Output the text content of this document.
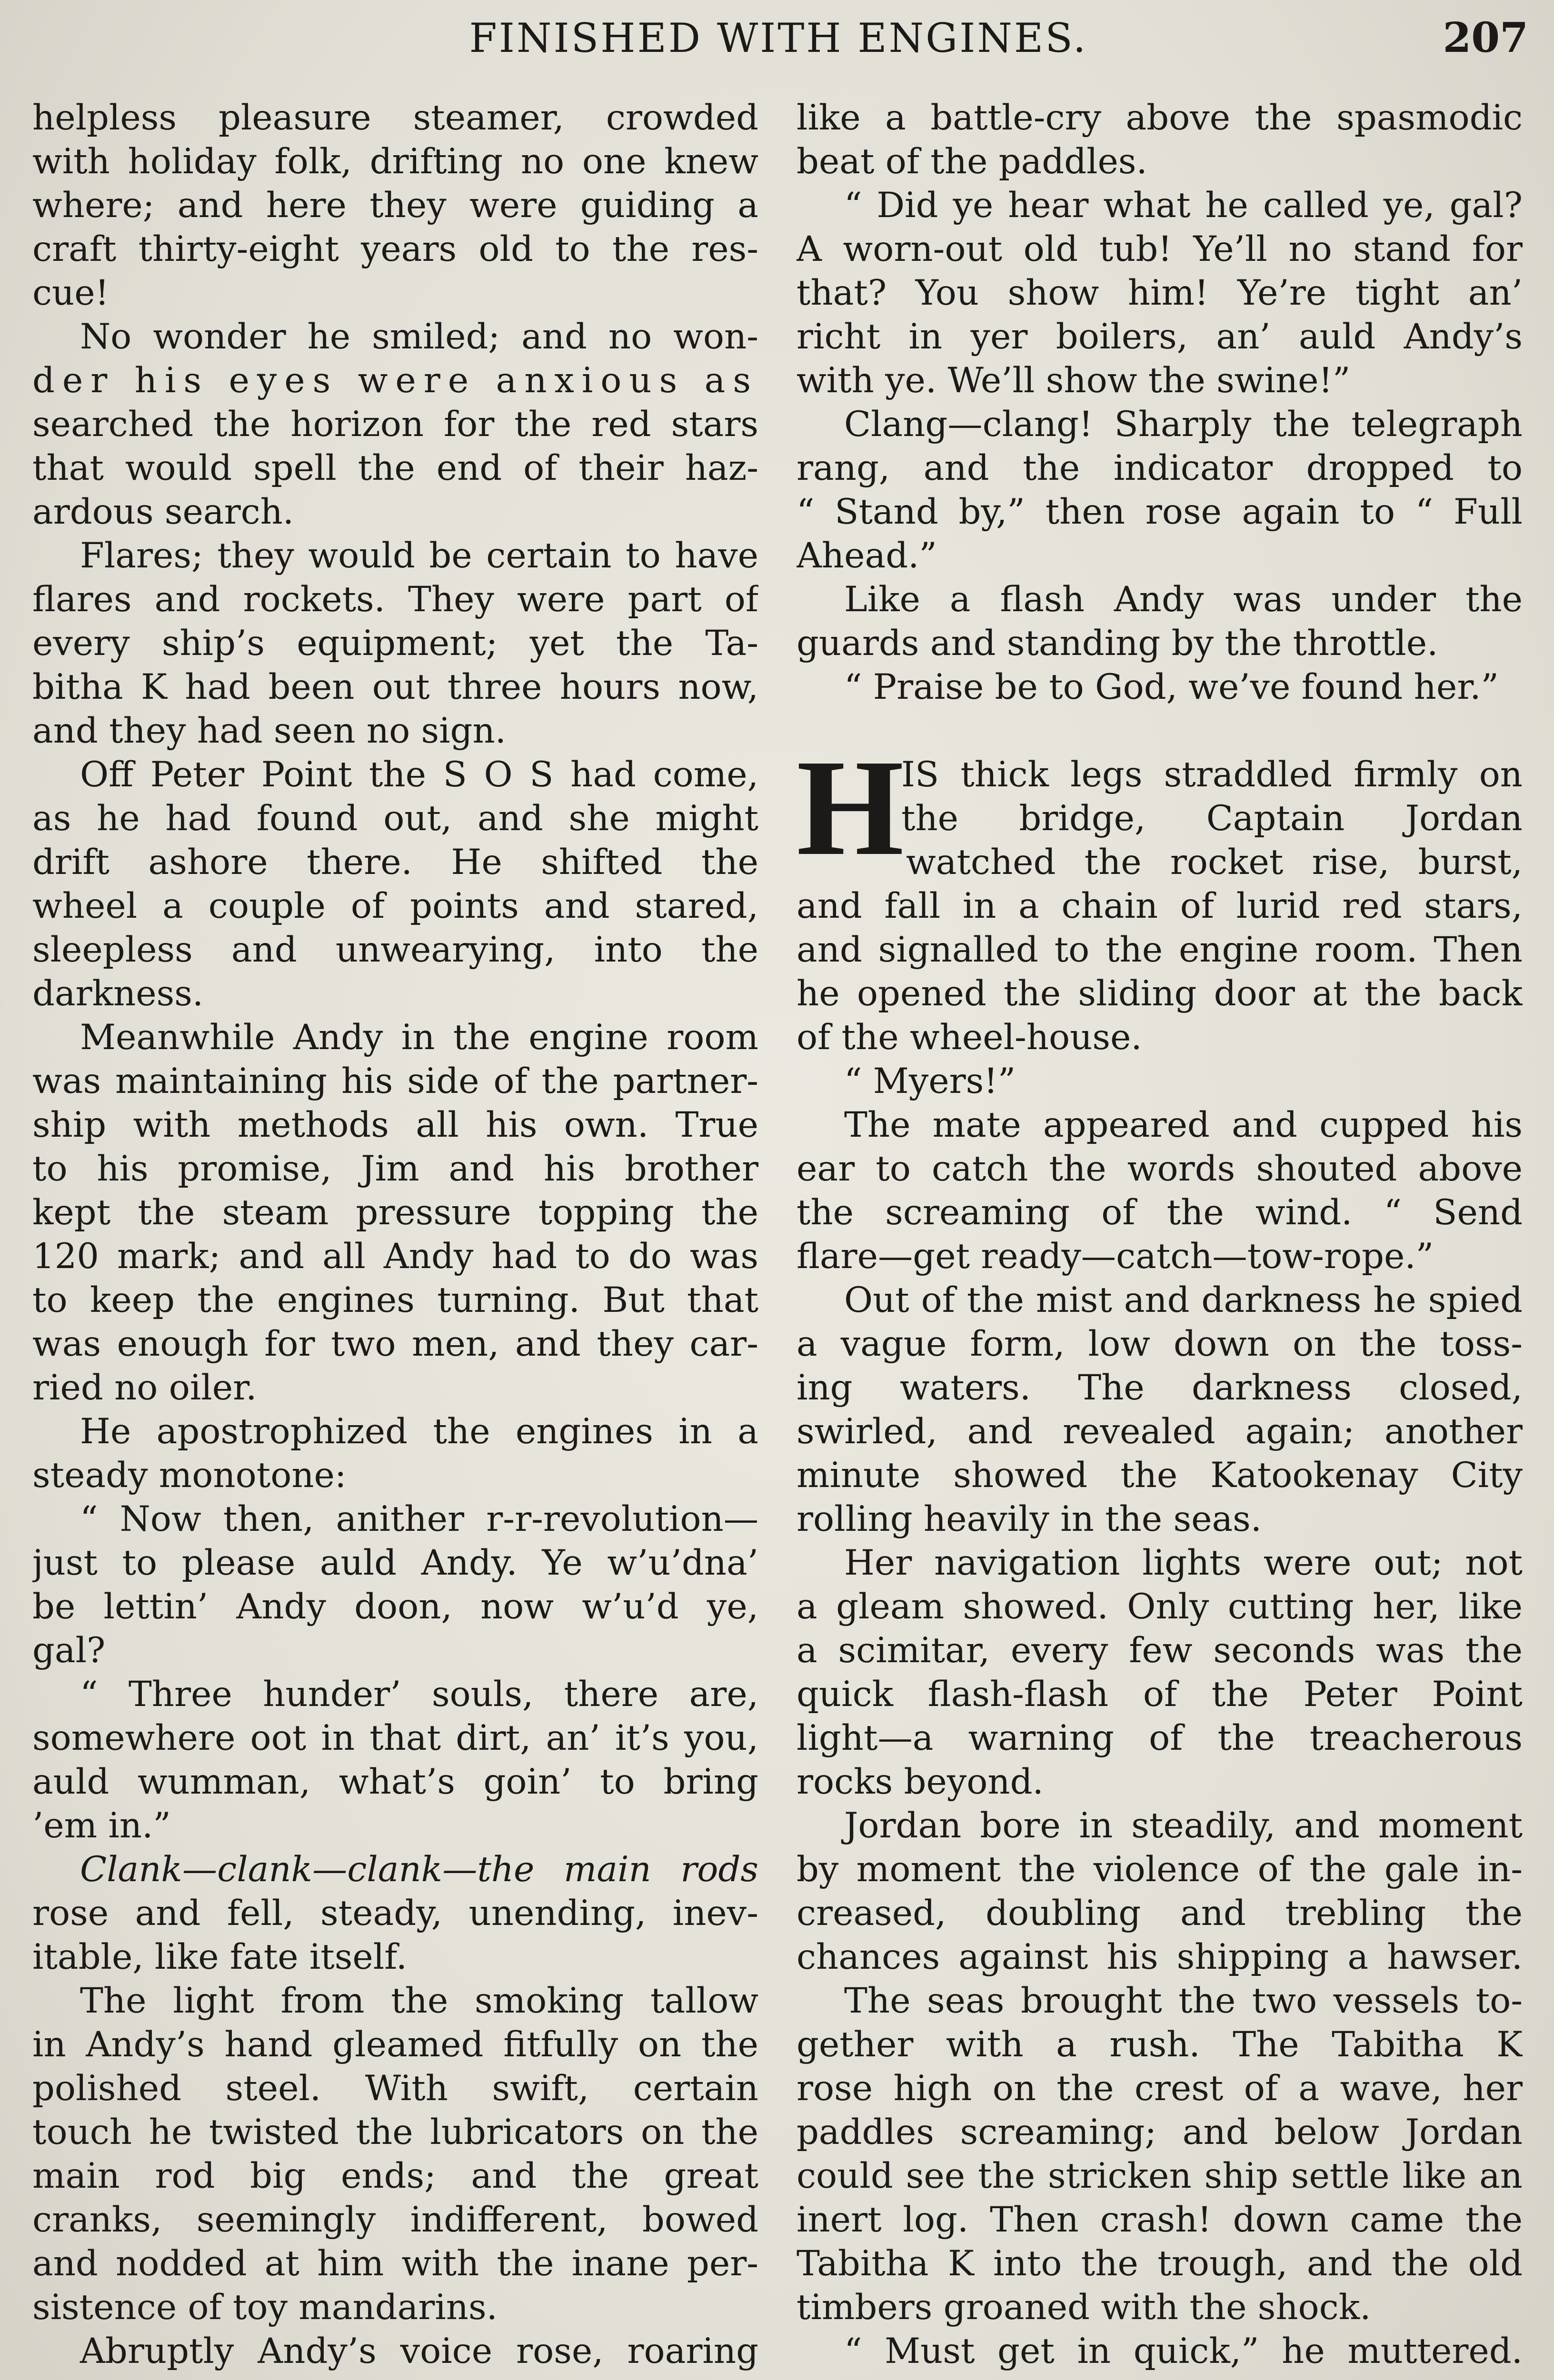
FINISHED WITH ENGINES.	207
helpless pleasure steamer, crowded
with holiday folk, drifting no one knew
where; and here they were guiding a
craft thirty-eight years old to the res-
cue!
No wonder he smiled; and no won-
der his eyes were anxious as
searched the horizon for the red stars
that would spell the end of their haz-
ardous search.
Flares; they would be certain to have
flares and rockets. They were part of
every ship’s equipment; yet the Ta-
bitha K had been out three hours now,
and they had seen no sign.
Off Peter Point the S O S had come,
as he had found out, and she might
drift ashore there. He shifted the
wheel a couple of points and stared,
sleepless and unwearying, into the
darkness.
Meanwhile Andy in the engine room
was maintaining his side of the partner-
ship with methods all his own. True
to his promise, Jim and his brother
kept the steam pressure topping the
120 mark; and all Andy had to do was
to keep the engines turning. But that
was enough for two men, and they car-
ried no oiler.
He apostrophized the engines in a
steady monotone:
“ Now then, anither r-r-revolution—
just to please auld Andy. Ye w’u’dna’
be lettin’ Andy doon, now w’u’d ye,
gal?
“ Three hunder’ souls, there are,
somewhere oot in that dirt, an’ it’s you,
auld wumman, what’s goin’ to bring
’em in.”
Clank—clank—clank—the main rods
rose and fell, steady, unending, inev-
itable, like fate itself.
The light from the smoking tallow
in Andy’s hand gleamed fitfully on the
polished steel. With swift, certain
touch he twisted the lubricators on the
main rod big ends; and the great
cranks, seemingly indifferent, bowed
and nodded at him with the inane per-
sistence of toy mandarins.
Abruptly Andy’s voice rose, roaring
like a battle-cry above the spasmodic
beat of the paddles.
“ Did ye hear what he called ye, gal?
A worn-out old tub! Ye’ll no stand for
that? You show him! Ye’re tight an’
richt in yer boilers, an’ auld Andy’s
with ye. We’ll show the swine!”
Clang—clang! Sharply the telegraph
rang, and the indicator dropped to
“ Stand by,” then rose again to “ Full
Ahead.”
Like a flash Andy was under the
guards and standing by the throttle.
“ Praise be to God, we’ve found her.”
H
IS thick legs straddled firmly on
the bridge, Captain Jordan
watched the rocket rise, burst,
and fall in a chain of lurid red stars,
and signalled to the engine room. Then
he opened the sliding door at the back
of the wheel-house.
“ Myers!”
The mate appeared and cupped his
ear to catch the words shouted above
the screaming of the wind. “ Send
flare—get ready—catch—tow-rope.”
Out of the mist and darkness he spied
a vague form, low down on the toss-
ing waters. The darkness closed,
swirled, and revealed again; another
minute showed the Katookenay City
rolling heavily in the seas.
Her navigation lights were out; not
a gleam showed. Only cutting her, like
a scimitar, every few seconds was the
quick flash-flash of the Peter Point
light—a warning of the treacherous
rocks beyond.
Jordan bore in steadily, and moment
by moment the violence of the gale in-
creased, doubling and trebling the
chances against his shipping a hawser.
The seas brought the two vessels to-
gether with a rush. The Tabitha K
rose high on the crest of a wave, her
paddles screaming; and below Jordan
could see the stricken ship settle like an
inert log. Then crash! down came the
Tabitha K into the trough, and the old
timbers groaned with the shock.
“ Must get in quick,” he muttered.
